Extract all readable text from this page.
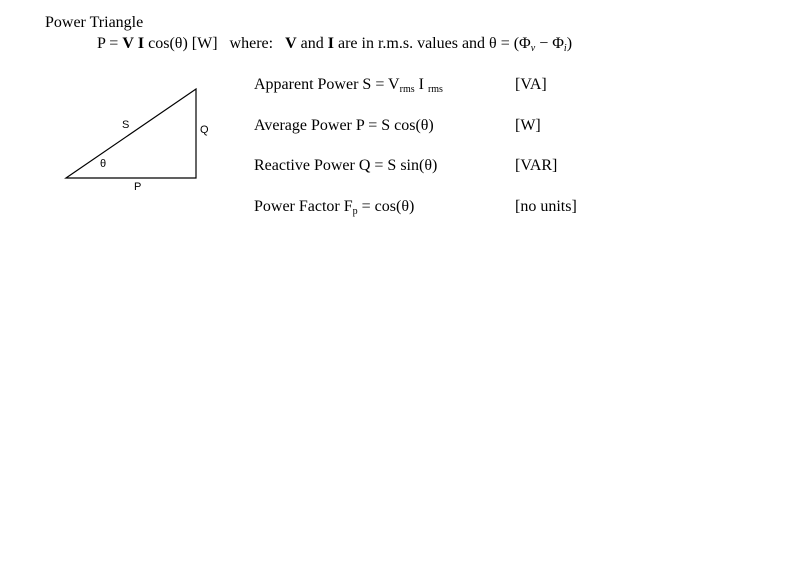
Power Triangle
P = V I cos(θ) [W] where: V and I are in r.m.s. values and θ = (Φv − Φi)
S	Q
P
θ
Apparent Power $S = V_{rms}$ I $_{rms}$	[VA]
Average Power P = S cos(θ)	[W]
Reactive Power Q = S sin(θ)	[VAR]
Power Factor $F_p = \cos(\theta)$	[no units]
